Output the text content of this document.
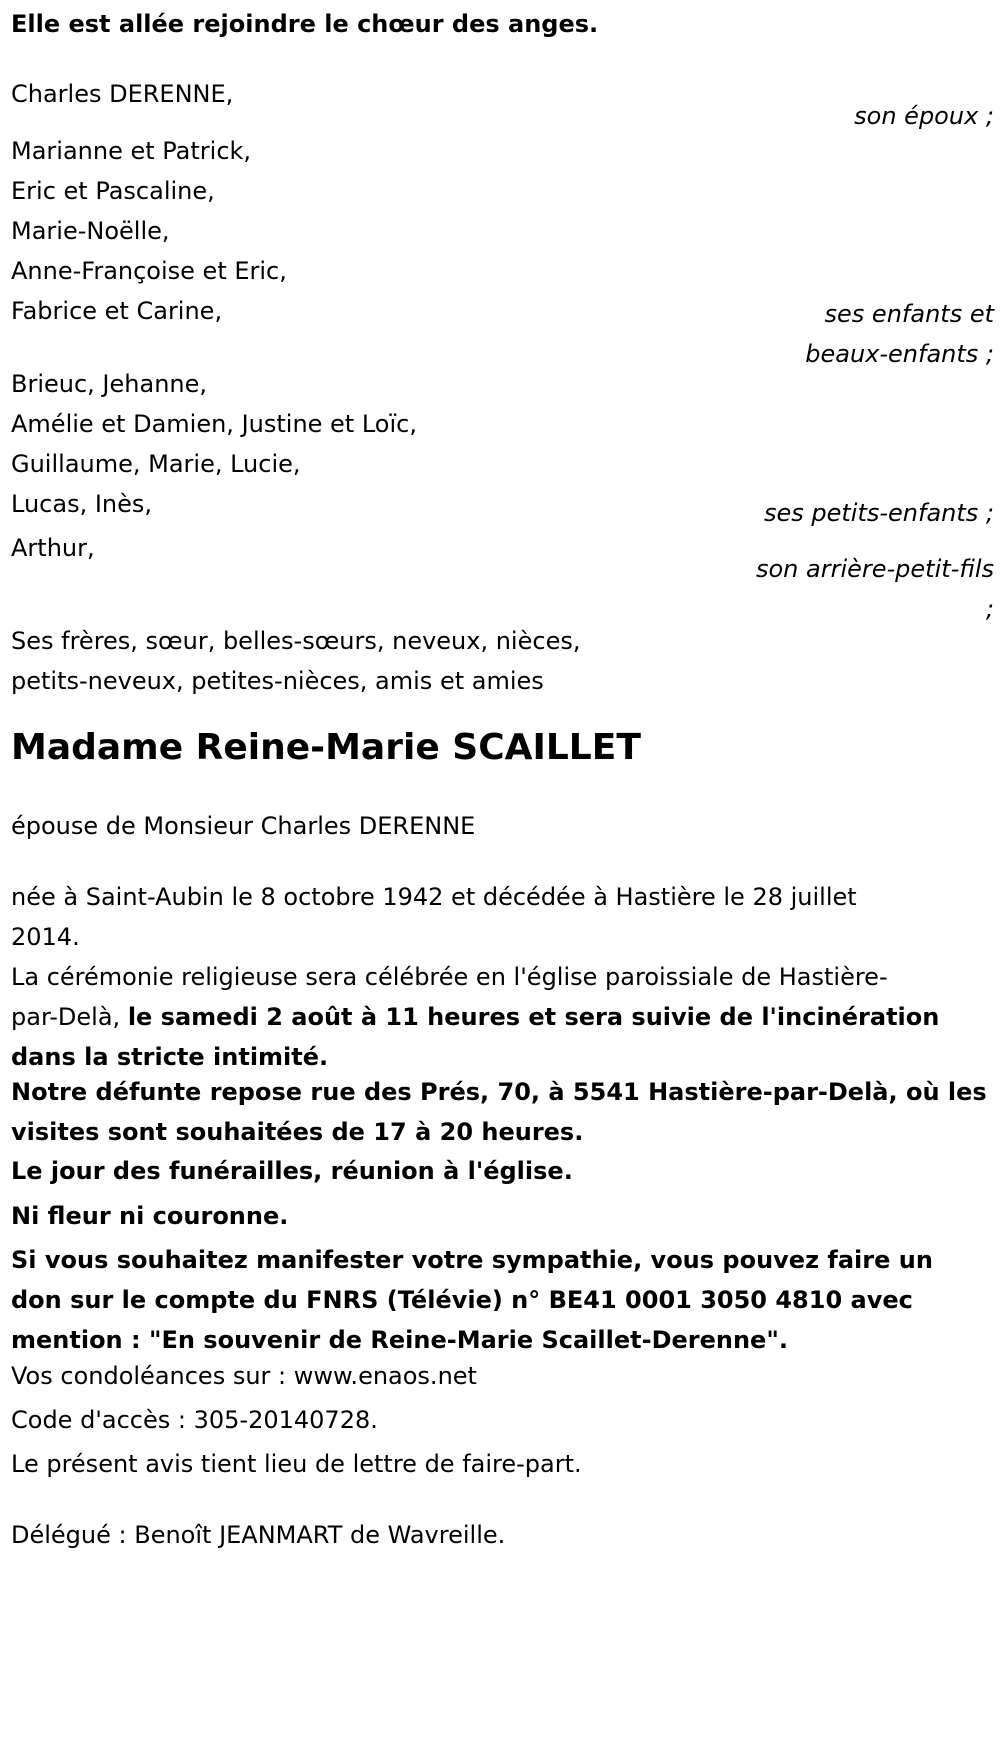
Elle est allée rejoindre le chœur des anges.
Charles DERENNE,
son époux ;
Marianne et Patrick,
Eric et Pascaline,
Marie-Noëlle,
Anne-Françoise et Eric,
Fabrice et Carine,	ses enfants et
beaux-enfants ;
Brieuc, Jehanne,
Amélie et Damien, Justine et Loïc,
Guillaume, Marie, Lucie,
Lucas, Inès,	ses petits-enfants ;
Arthur,
son arrière-petit-fils
;
Ses frères, sœur, belles-sœurs, neveux, nièces,
petits-neveux, petites-nièces, amis et amies
Madame Reine-Marie SCAILLET
épouse de Monsieur Charles DERENNE
née à Saint-Aubin le 8 octobre 1942 et décédée à Hastière le 28 juillet
2014.
La cérémonie religieuse sera célébrée en l'église paroissiale de Hastière-
par-Delà, le samedi 2 août à 11 heures et sera suivie de l'incinération
dans la stricte intimité.
Notre défunte repose rue des Prés, 70, à 5541 Hastière-par-Delà, où les
visites sont souhaitées de 17 à 20 heures.
Le jour des funérailles, réunion à l'église.
Ni fleur ni couronne.
Si vous souhaitez manifester votre sympathie, vous pouvez faire un
don sur le compte du FNRS (Télévie) n° BE41 0001 3050 4810 avec
mention : "En souvenir de Reine-Marie Scaillet-Derenne".
Vos condoléances sur : www.enaos.net
Code d'accès : 305-20140728.
Le présent avis tient lieu de lettre de faire-part.
Délégué : Benoît JEANMART de Wavreille.
